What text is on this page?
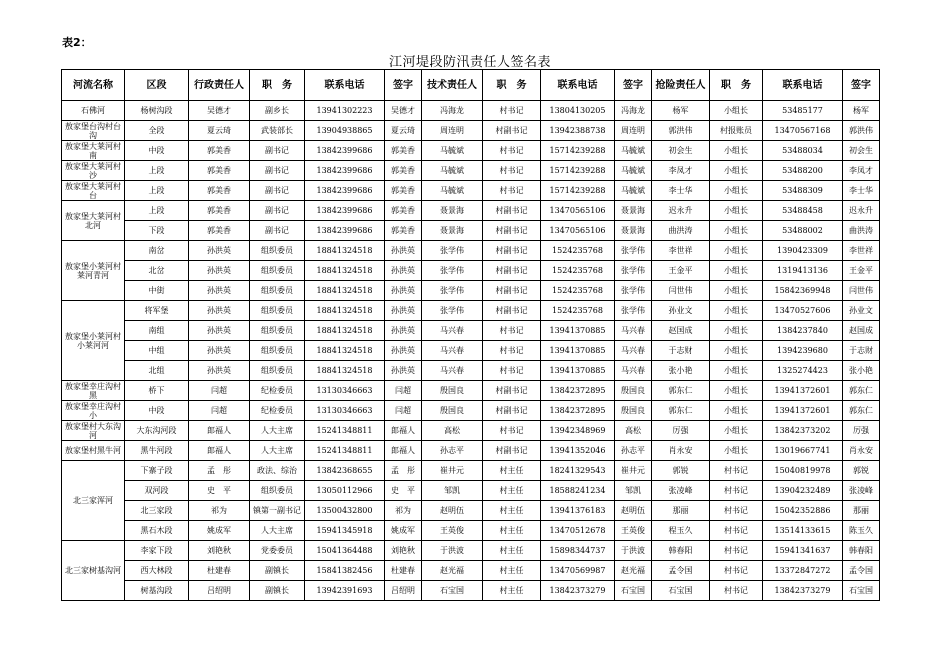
表2：
江河堤段防汛责任人签名表
河流名称	区段	行政责任人	职　务	联系电话	签字	技术责任人	职　务	联系电话	签字	抢险责任人	职　务	联系电话	签字

石佛河	杨树沟段	吴德才	副乡长	13941302223	吴德才	冯海龙	村书记	13804130205	冯海龙	杨军	小组长	53485177	杨军

敖家堡台沟村台沟	全段	夏云琦	武装部长	13904938865	夏云琦	周连明	村副书记	13942388738	周连明	郭洪伟	村报账员	13470567168	郭洪伟

敖家堡大莱河村南	中段	郭美香	副书记	13842399686	郭美香	马毓斌	村书记	15714239288	马毓斌	初会生	小组长	53488034	初会生

敖家堡大莱河村沙	上段	郭美香	副书记	13842399686	郭美香	马毓斌	村书记	15714239288	马毓斌	李凤才	小组长	53488200	李凤才

敖家堡大莱河村台	上段	郭美香	副书记	13842399686	郭美香	马毓斌	村书记	15714239288	马毓斌	李士华	小组长	53488309	李士华

敖家堡大莱河村北河	上段	郭美香	副书记	13842399686	郭美香	聂景海	村副书记	13470565106	聂景海	迟永升	小组长	53488458	迟永升
	下段	郭美香	副书记	13842399686	郭美香	聂景海	村副书记	13470565106	聂景海	曲洪涛	小组长	53488002	曲洪涛

敖家堡小莱河村莱河青河	南岔	孙洪英	组织委员	18841324518	孙洪英	张学伟	村副书记	1524235768	张学伟	李世祥	小组长	1390423309	李世祥
	北岔	孙洪英	组织委员	18841324518	孙洪英	张学伟	村副书记	1524235768	张学伟	王金平	小组长	1319413136	王金平
	中街	孙洪英	组织委员	18841324518	孙洪英	张学伟	村副书记	1524235768	张学伟	闫世伟	小组长	15842369948	闫世伟

敖家堡小莱河村小莱河河	将军堡	孙洪英	组织委员	18841324518	孙洪英	张学伟	村副书记	1524235768	张学伟	孙业文	小组长	13470527606	孙业文
	南组	孙洪英	组织委员	18841324518	孙洪英	马兴春	村书记	13941370885	马兴春	赵国成	小组长	1384237840	赵国成
	中组	孙洪英	组织委员	18841324518	孙洪英	马兴春	村书记	13941370885	马兴春	于志财	小组长	1394239680	于志财
	北组	孙洪英	组织委员	18841324518	孙洪英	马兴春	村书记	13941370885	马兴春	张小艳	小组长	1325274423	张小艳

敖家堡幸庄沟村黑	桥下	闫超	纪检委员	13130346663	闫超	殷国良	村副书记	13842372895	殷国良	郭东仁	小组长	13941372601	郭东仁

敖家堡幸庄沟村小	中段	闫超	纪检委员	13130346663	闫超	殷国良	村副书记	13842372895	殷国良	郭东仁	小组长	13941372601	郭东仁

敖家堡村大东沟河	大东沟河段	郎福人	人大主席	15241348811	郎福人	高松	村书记	13942348969	高松	厉强	小组长	13842373202	厉强

敖家堡村黑牛河	黑牛河段	郎福人	人大主席	15241348811	郎福人	孙志平	村副书记	13941352046	孙志平	肖永安	小组长	13019667741	肖永安

北三家浑河	下寨子段	孟　彤	政法、综治	13842368655	孟　彤	崔井元	村主任	18241329543	崔井元	郭锐	村书记	15040819978	郭锐
	双河段	史　平	组织委员	13050112966	史　平	邹凯	村主任	18588241234	邹凯	张凌峰	村书记	13904232489	张凌峰
	北三家段	祁为	镇第一副书记	13500432800	祁为	赵明伍	村主任	13941376183	赵明伍	那丽	村书记	15042352886	那丽
	黑石木段	姚成军	人大主席	15941345918	姚成军	王英俊	村主任	13470512678	王英俊	程玉久	村书记	13514133615	陈玉久

北三家树基沟河	李家下段	刘艳秋	党委委员	15041364488	刘艳秋	于洪波	村主任	15898344737	于洪波	韩春阳	村书记	15941341637	韩春阳
	西大林段	杜建春	副镇长	15841382456	杜建春	赵光福	村主任	13470569987	赵光福	孟令国	村书记	13372847272	孟令国
	树基沟段	吕绍明	副镇长	13942391693	吕绍明	石宝国	村主任	13842373279	石宝国	石宝国	村书记	13842373279	石宝国
